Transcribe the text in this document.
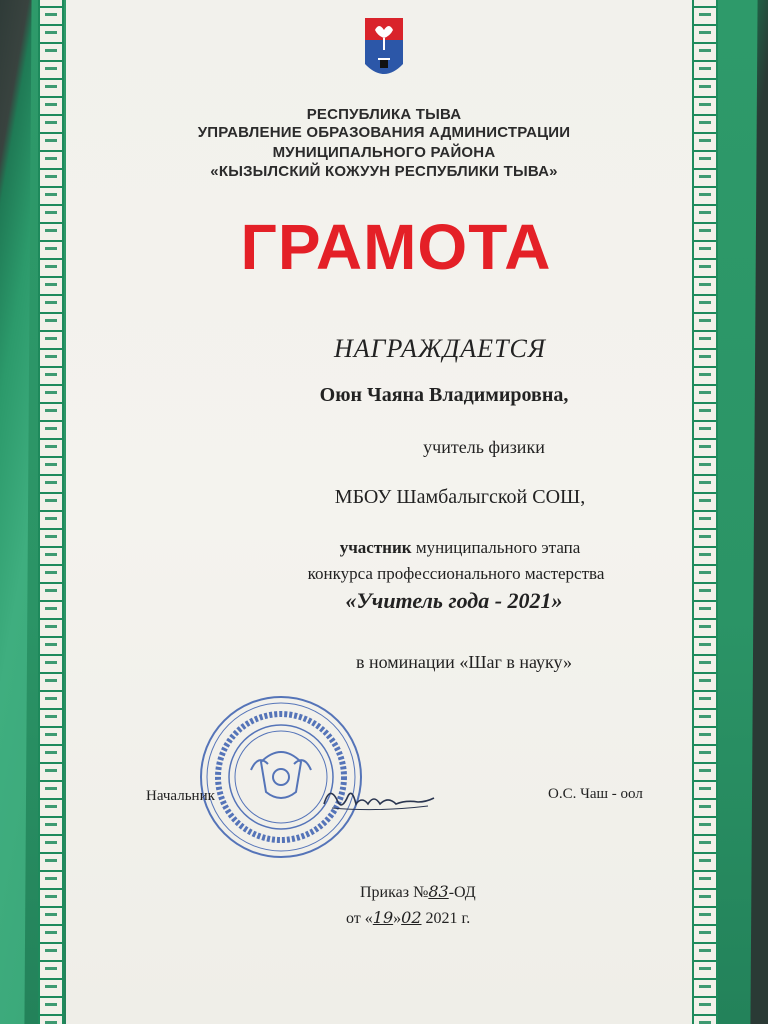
РЕСПУБЛИКА ТЫВА
УПРАВЛЕНИЕ ОБРАЗОВАНИЯ АДМИНИСТРАЦИИ
МУНИЦИПАЛЬНОГО РАЙОНА
«КЫЗЫЛСКИЙ КОЖУУН РЕСПУБЛИКИ ТЫВА»
ГРАМОТА
НАГРАЖДАЕТСЯ
Оюн Чаяна Владимировна,
учитель физики
МБОУ Шамбалыгской СОШ,
участник муниципального этапа
конкурса профессионального мастерства
«Учитель года - 2021»
в номинации «Шаг в науку»
Начальник	О.С. Чаш - оол
Приказ №83-ОД
от «19»02 2021 г.
